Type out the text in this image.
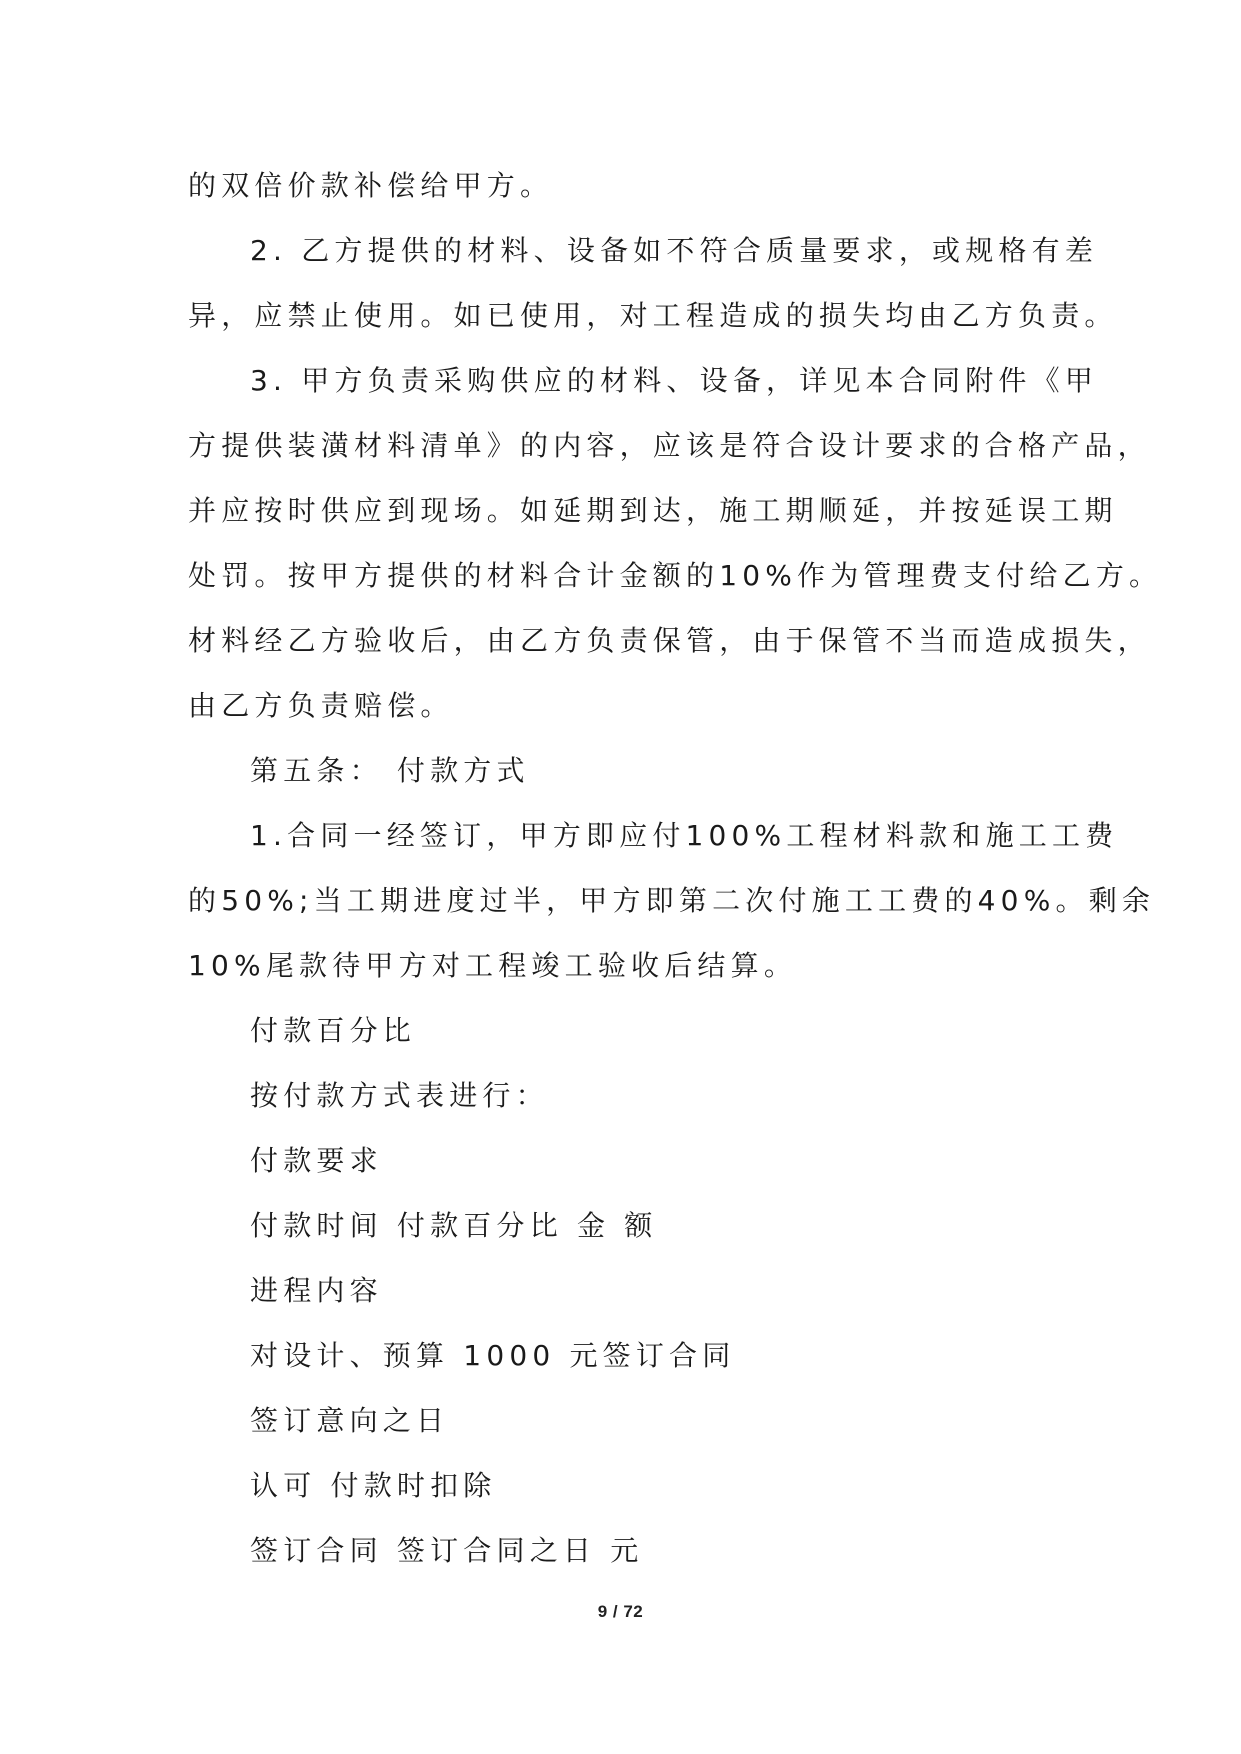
的双倍价款补偿给甲方。
2. 乙方提供的材料、设备如不符合质量要求，或规格有差
异，应禁止使用。如已使用，对工程造成的损失均由乙方负责。
3. 甲方负责采购供应的材料、设备，详见本合同附件《甲
方提供装潢材料清单》的内容，应该是符合设计要求的合格产品，
并应按时供应到现场。如延期到达，施工期顺延，并按延误工期
处罚。按甲方提供的材料合计金额的10%作为管理费支付给乙方。
材料经乙方验收后，由乙方负责保管，由于保管不当而造成损失，
由乙方负责赔偿。
第五条： 付款方式
1.合同一经签订，甲方即应付100%工程材料款和施工工费
的50%;当工期进度过半，甲方即第二次付施工工费的40%。剩余
10%尾款待甲方对工程竣工验收后结算。
付款百分比
按付款方式表进行：
付款要求
付款时间 付款百分比 金 额
进程内容
对设计、预算 1000 元签订合同
签订意向之日
认可 付款时扣除
签订合同 签订合同之日 元
9 / 72
